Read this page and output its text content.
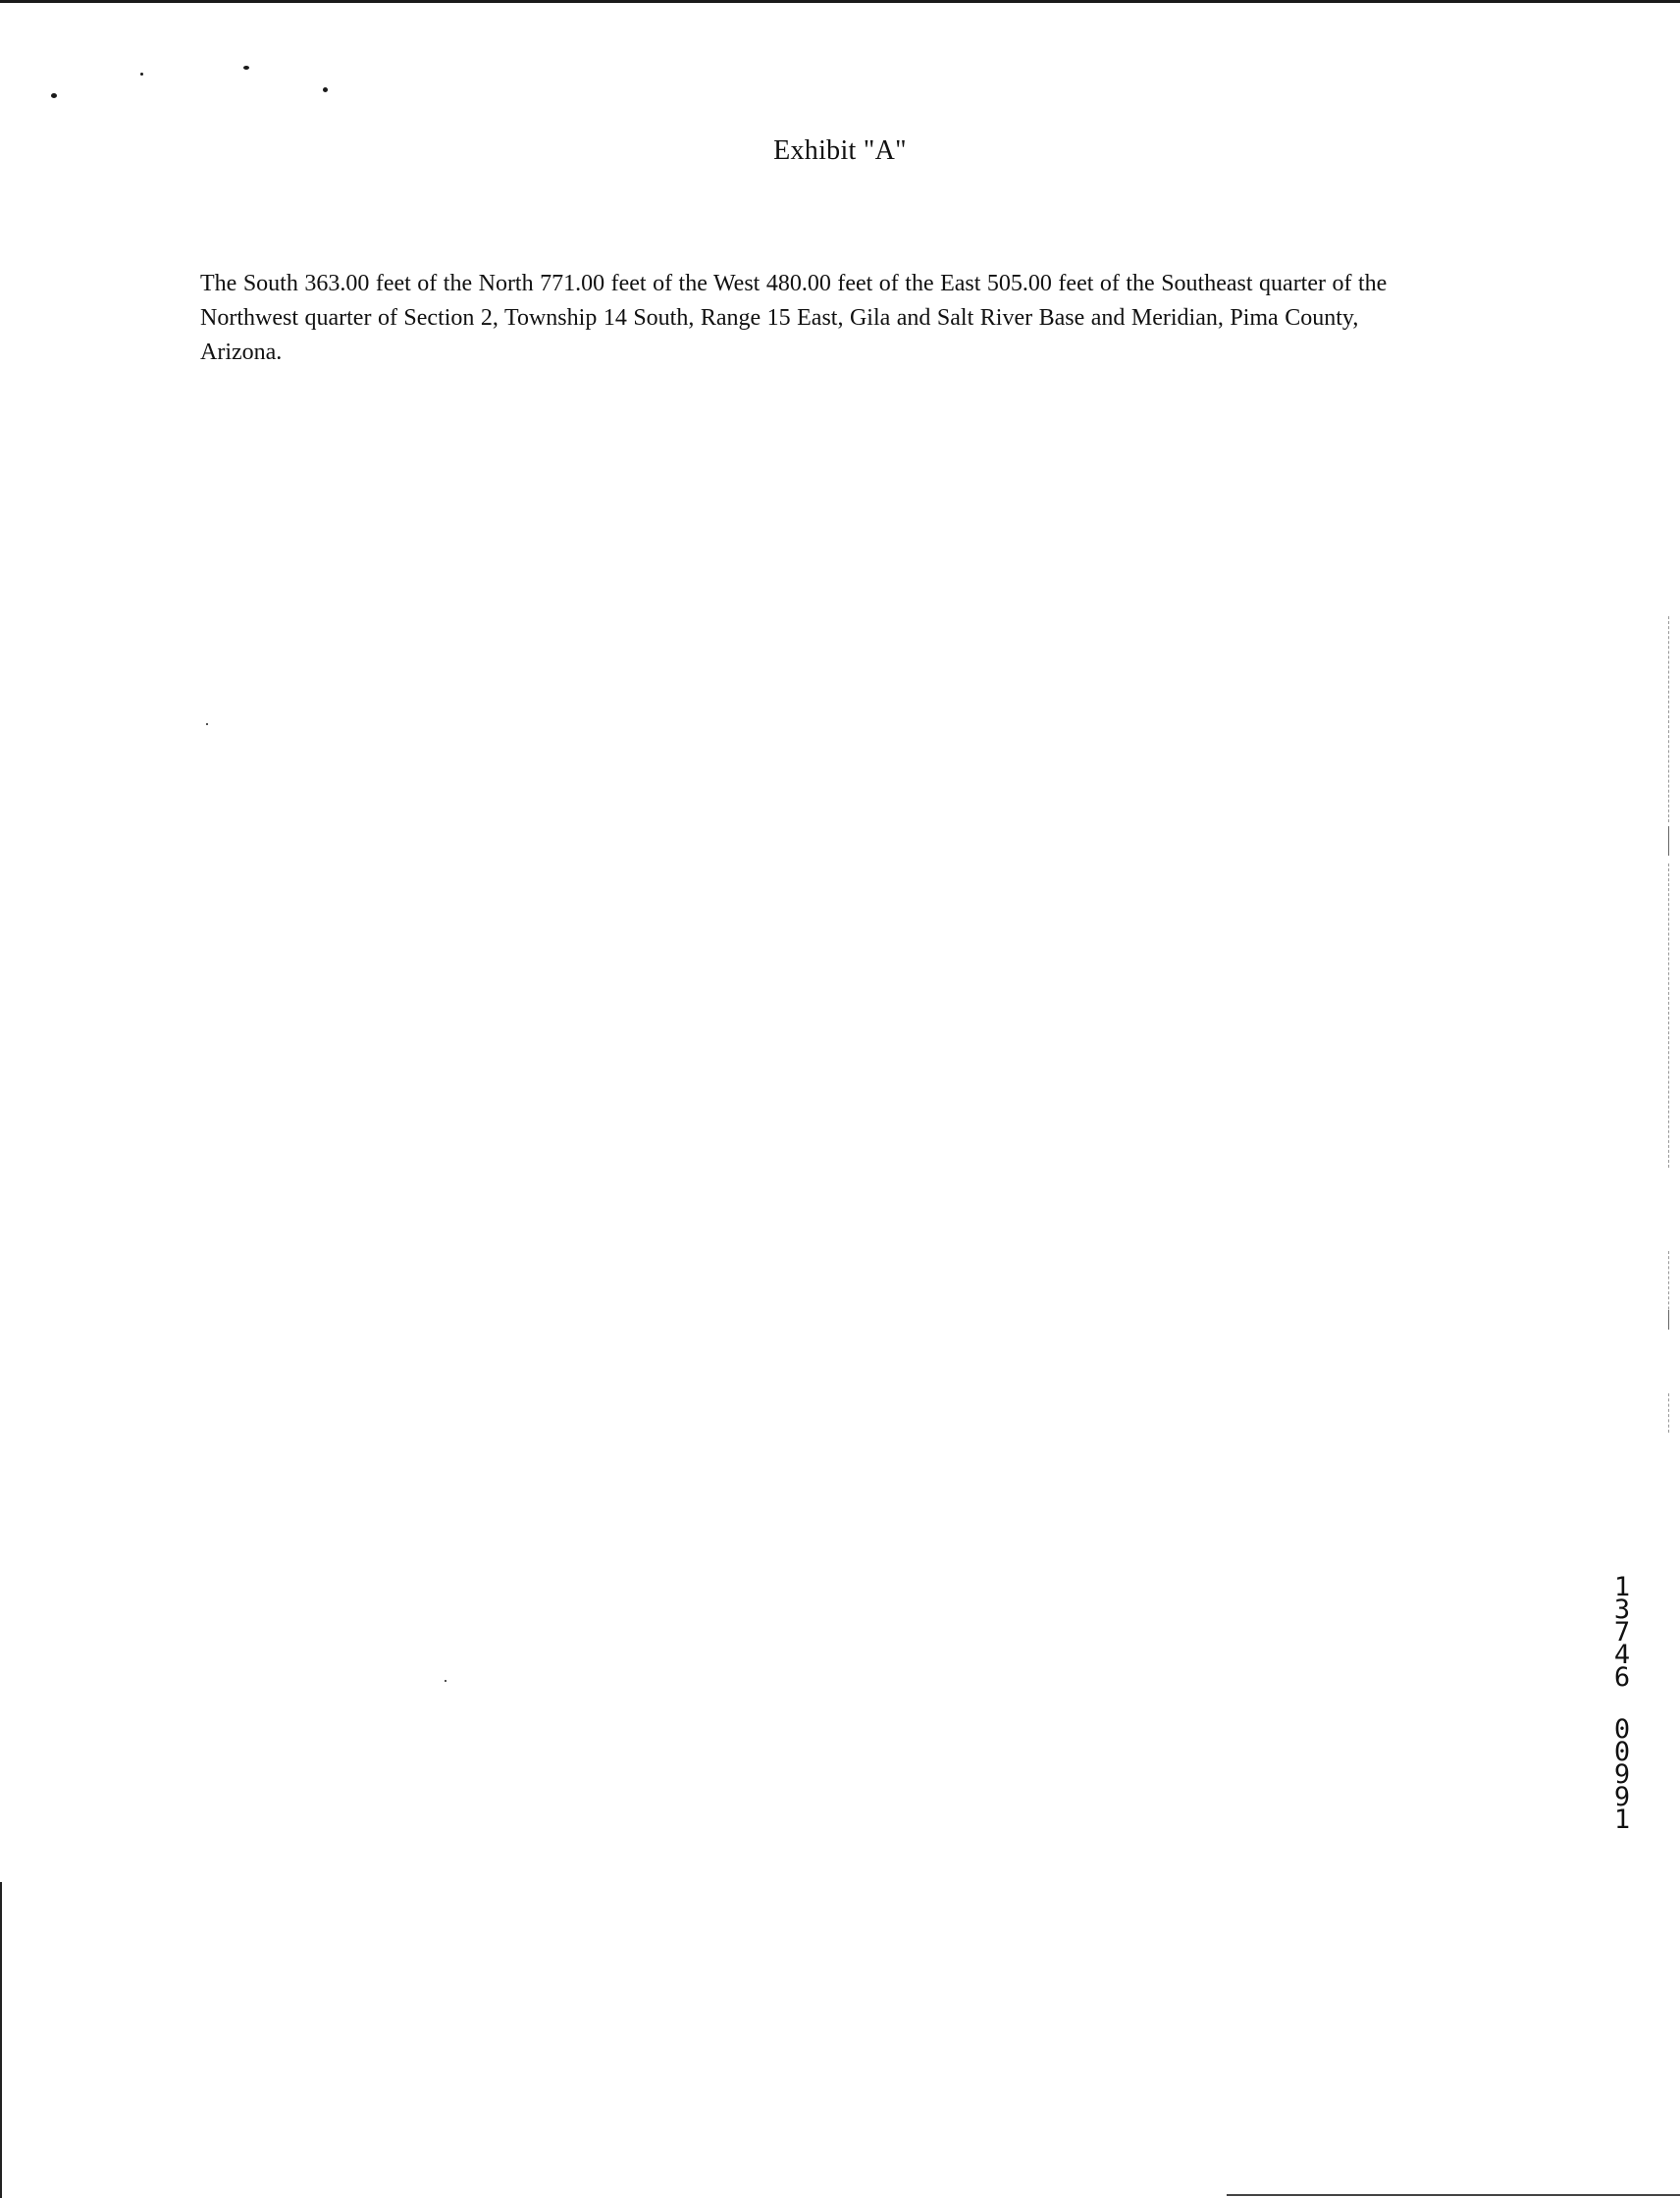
Exhibit "A"
The South 363.00 feet of the North 771.00 feet of the West 480.00 feet of the East 505.00 feet of the Southeast quarter of the Northwest quarter of Section 2, Township 14 South, Range 15 East, Gila and Salt River Base and Meridian, Pima County, Arizona.
1
3
7
4
6
0
0
9
9
1
